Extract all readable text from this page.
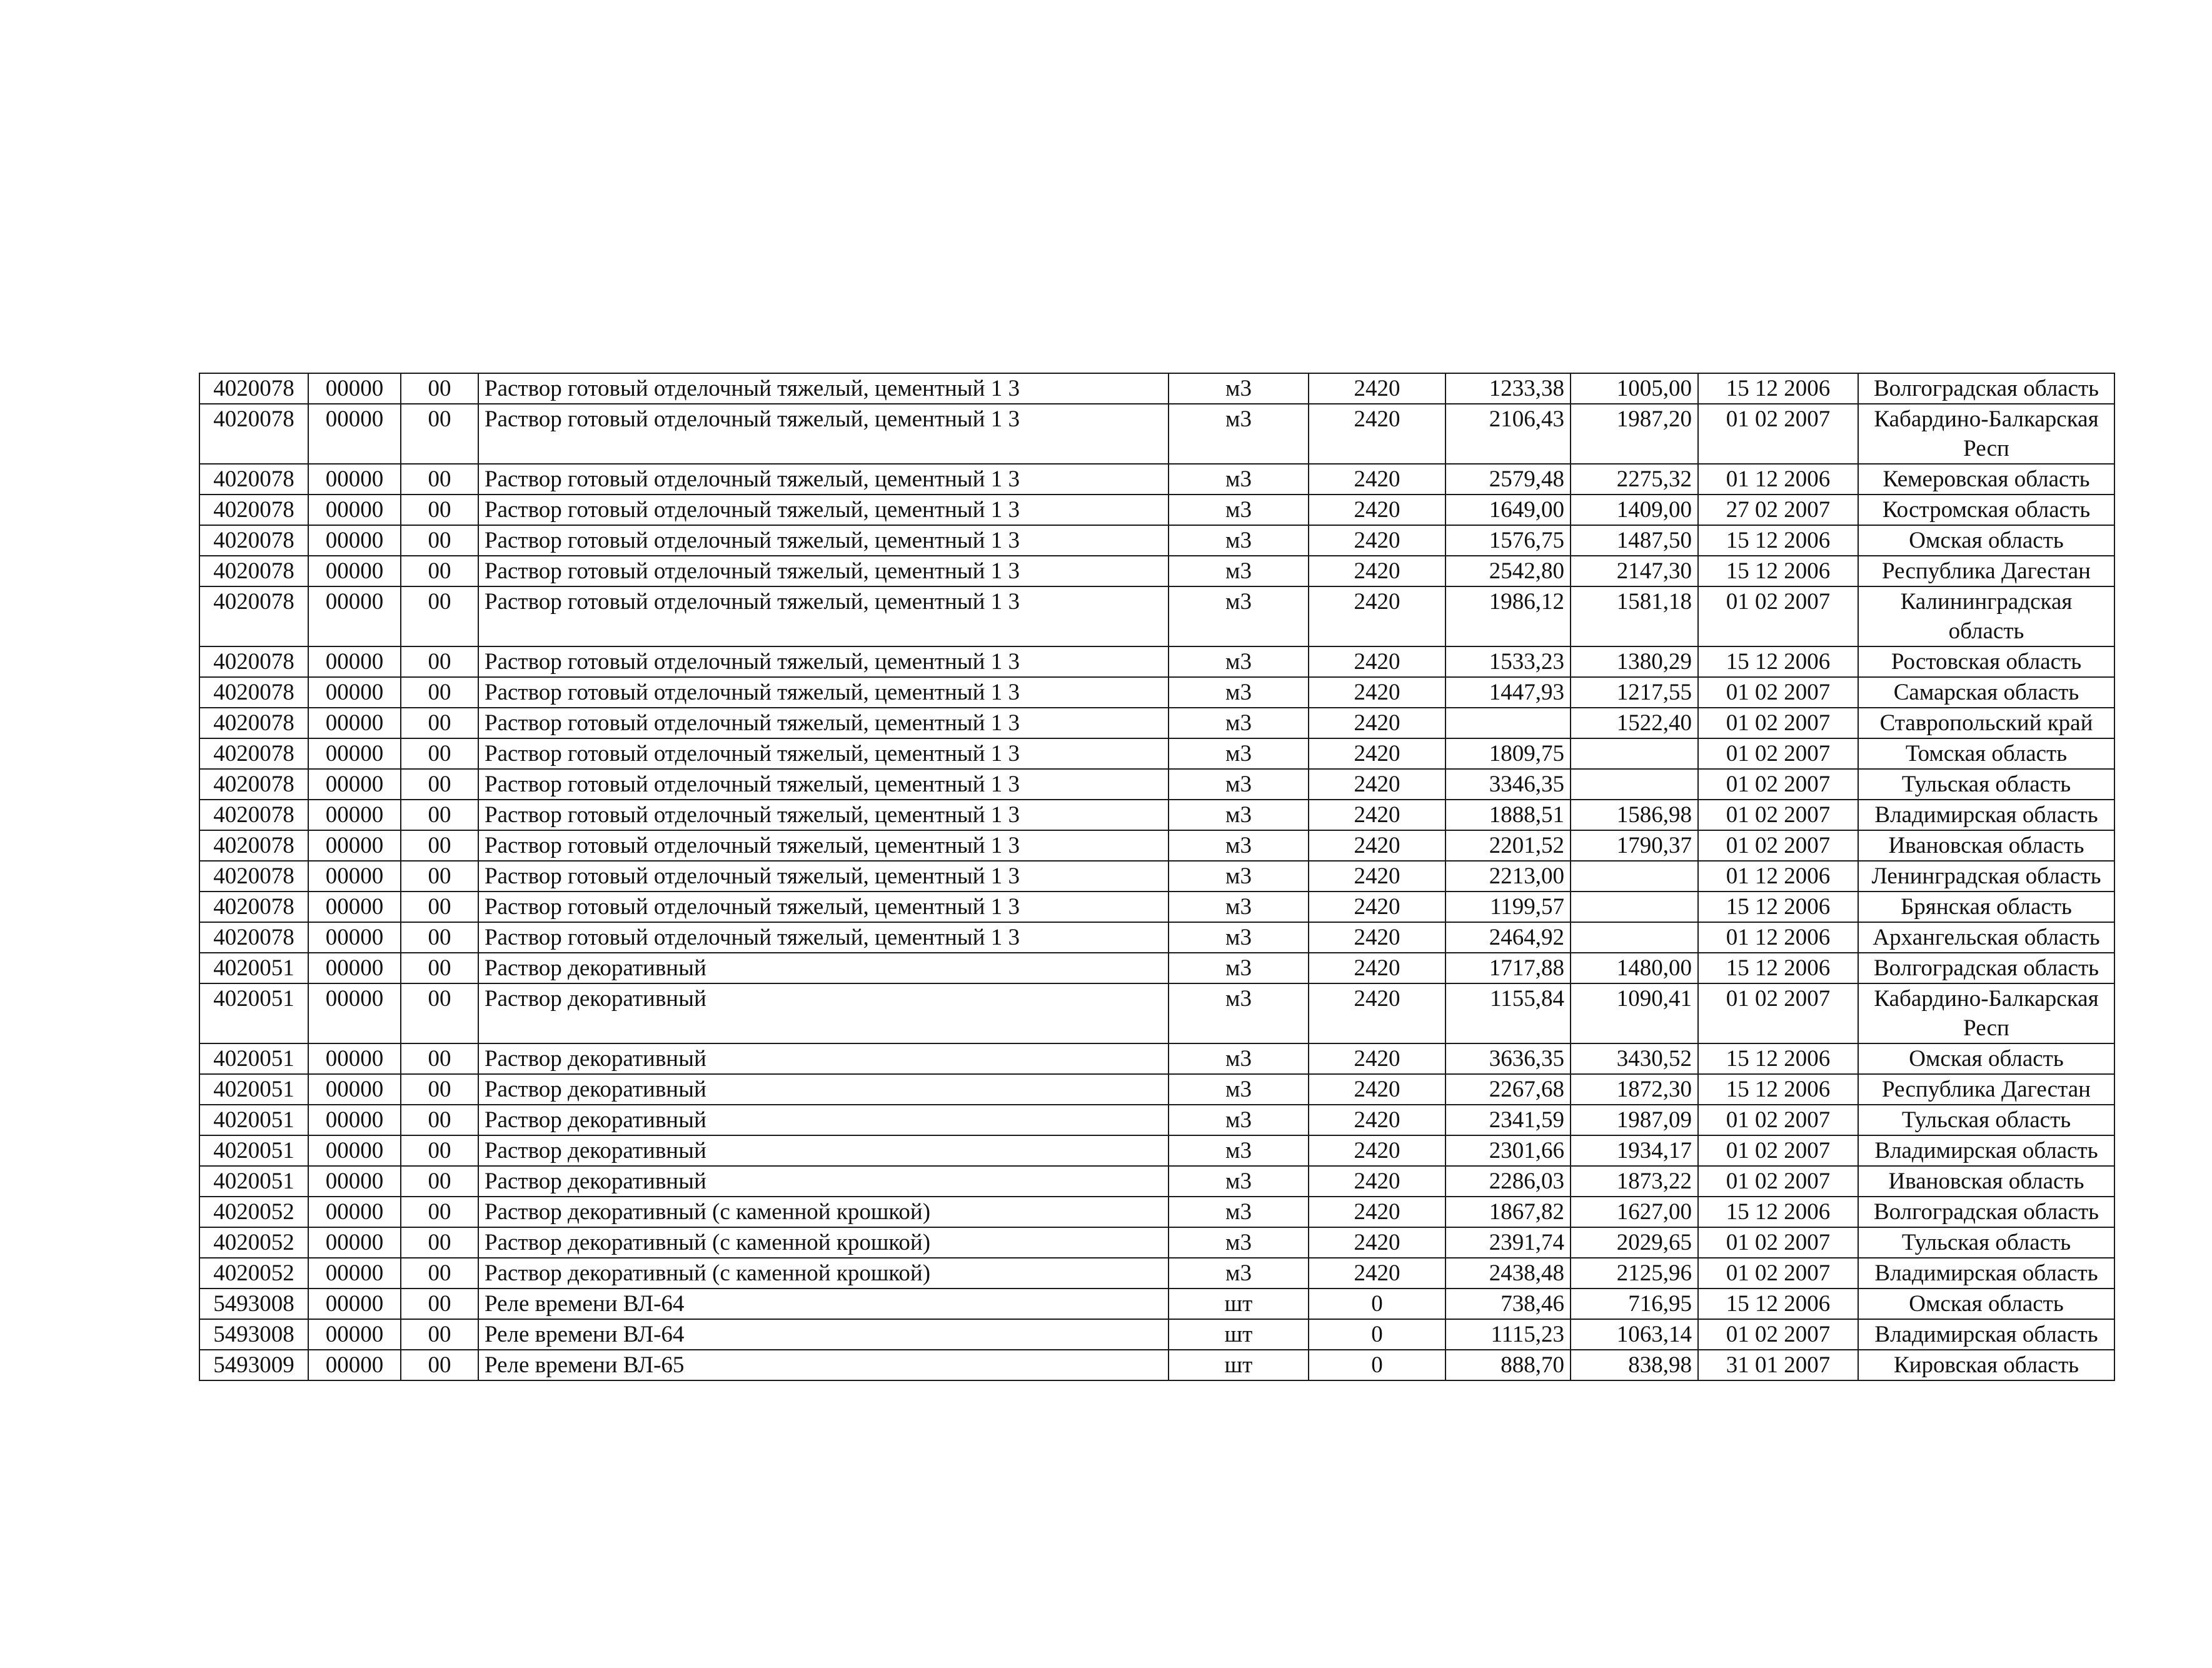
4020078	00000	00	Раствор готовый отделочный тяжелый, цементный 1 3	м3	2420	1233,38	1005,00	15 12 2006	Волгоградская область
4020078	00000	00	Раствор готовый отделочный тяжелый, цементный 1 3	м3	2420	2106,43	1987,20	01 02 2007	Кабардино-Балкарская Респ
4020078	00000	00	Раствор готовый отделочный тяжелый, цементный 1 3	м3	2420	2579,48	2275,32	01 12 2006	Кемеровская область
4020078	00000	00	Раствор готовый отделочный тяжелый, цементный 1 3	м3	2420	1649,00	1409,00	27 02 2007	Костромская область
4020078	00000	00	Раствор готовый отделочный тяжелый, цементный 1 3	м3	2420	1576,75	1487,50	15 12 2006	Омская область
4020078	00000	00	Раствор готовый отделочный тяжелый, цементный 1 3	м3	2420	2542,80	2147,30	15 12 2006	Республика Дагестан
4020078	00000	00	Раствор готовый отделочный тяжелый, цементный 1 3	м3	2420	1986,12	1581,18	01 02 2007	Калининградская область
4020078	00000	00	Раствор готовый отделочный тяжелый, цементный 1 3	м3	2420	1533,23	1380,29	15 12 2006	Ростовская область
4020078	00000	00	Раствор готовый отделочный тяжелый, цементный 1 3	м3	2420	1447,93	1217,55	01 02 2007	Самарская область
4020078	00000	00	Раствор готовый отделочный тяжелый, цементный 1 3	м3	2420		1522,40	01 02 2007	Ставропольский край
4020078	00000	00	Раствор готовый отделочный тяжелый, цементный 1 3	м3	2420	1809,75		01 02 2007	Томская область
4020078	00000	00	Раствор готовый отделочный тяжелый, цементный 1 3	м3	2420	3346,35		01 02 2007	Тульская область
4020078	00000	00	Раствор готовый отделочный тяжелый, цементный 1 3	м3	2420	1888,51	1586,98	01 02 2007	Владимирская область
4020078	00000	00	Раствор готовый отделочный тяжелый, цементный 1 3	м3	2420	2201,52	1790,37	01 02 2007	Ивановская область
4020078	00000	00	Раствор готовый отделочный тяжелый, цементный 1 3	м3	2420	2213,00		01 12 2006	Ленинградская область
4020078	00000	00	Раствор готовый отделочный тяжелый, цементный 1 3	м3	2420	1199,57		15 12 2006	Брянская область
4020078	00000	00	Раствор готовый отделочный тяжелый, цементный 1 3	м3	2420	2464,92		01 12 2006	Архангельская область
4020051	00000	00	Раствор декоративный	м3	2420	1717,88	1480,00	15 12 2006	Волгоградская область
4020051	00000	00	Раствор декоративный	м3	2420	1155,84	1090,41	01 02 2007	Кабардино-Балкарская Респ
4020051	00000	00	Раствор декоративный	м3	2420	3636,35	3430,52	15 12 2006	Омская область
4020051	00000	00	Раствор декоративный	м3	2420	2267,68	1872,30	15 12 2006	Республика Дагестан
4020051	00000	00	Раствор декоративный	м3	2420	2341,59	1987,09	01 02 2007	Тульская область
4020051	00000	00	Раствор декоративный	м3	2420	2301,66	1934,17	01 02 2007	Владимирская область
4020051	00000	00	Раствор декоративный	м3	2420	2286,03	1873,22	01 02 2007	Ивановская область
4020052	00000	00	Раствор декоративный (с каменной крошкой)	м3	2420	1867,82	1627,00	15 12 2006	Волгоградская область
4020052	00000	00	Раствор декоративный (с каменной крошкой)	м3	2420	2391,74	2029,65	01 02 2007	Тульская область
4020052	00000	00	Раствор декоративный (с каменной крошкой)	м3	2420	2438,48	2125,96	01 02 2007	Владимирская область
5493008	00000	00	Реле времени ВЛ-64	шт	0	738,46	716,95	15 12 2006	Омская область
5493008	00000	00	Реле времени ВЛ-64	шт	0	1115,23	1063,14	01 02 2007	Владимирская область
5493009	00000	00	Реле времени ВЛ-65	шт	0	888,70	838,98	31 01 2007	Кировская область
